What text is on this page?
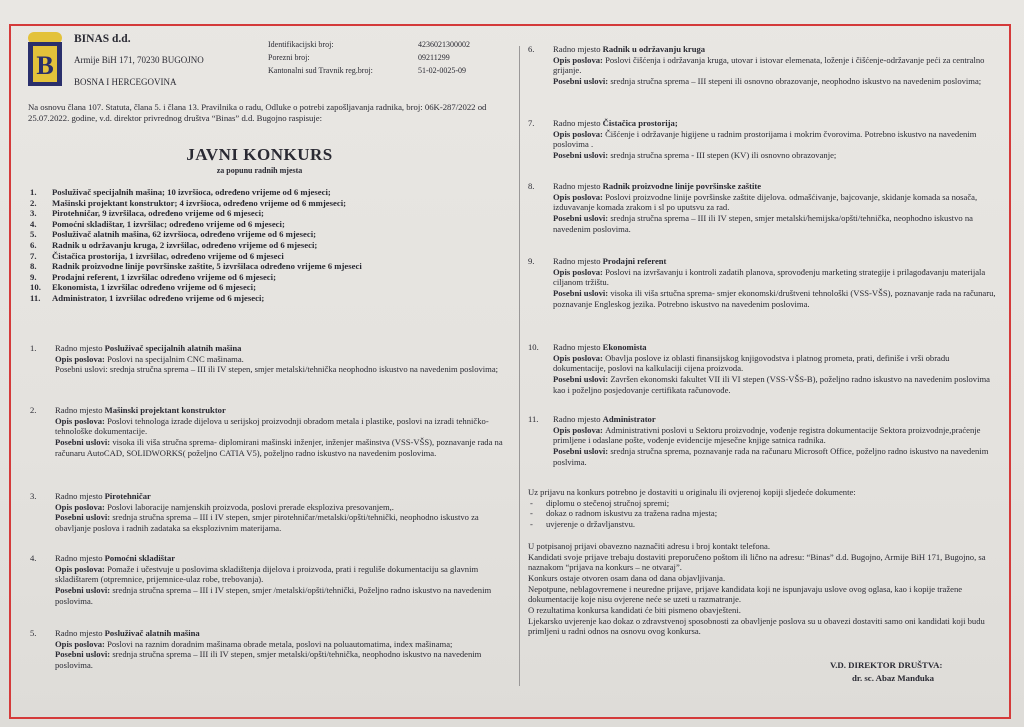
B
BINAS d.d.
Armije BiH 171, 70230 BUGOJNO
BOSNA I HERCEGOVINA
Identifikacijski broj:	4236021300002
Porezni broj:	09211299
Kantonalni sud Travnik reg.broj:	51-02-0025-09
Na osnovu člana 107. Statuta, člana 5. i člana 13. Pravilnika o radu, Odluke o potrebi zapošljavanja radnika, broj: 06K-287/2022 od 25.07.2022. godine, v.d. direktor privrednog društva “Binas” d.d. Bugojno raspisuje:
JAVNI KONKURS
za popunu radnih mjesta
1. Posluživač specijalnih mašina; 10 izvršioca, određeno vrijeme od 6 mjeseci;
2. Mašinski projektant konstruktor; 4 izvršioca, određeno vrijeme od 6 mmjeseci;
3. Pirotehničar, 9 izvršilaca, određeno vrijeme od 6 mjeseci;
4. Pomoćni skladištar, 1 izvršilac; određeno vrijeme od 6 mjeseci;
5. Posluživač alatnih mašina, 62 izvršioca, određeno vrijeme od 6 mjeseci;
6. Radnik u održavanju kruga, 2 izvršilac, određeno vrijeme od 6 mjeseci;
7. Čistačica prostorija, 1 izvršilac, određeno vrijeme od 6 mjeseci
8. Radnik proizvodne linije površinske zaštite, 5 izvršilaca određeno vrijeme 6 mjeseci
9. Prodajni referent, 1 izvršilac određeno vrijeme od 6 mjeseci;
10. Ekonomista, 1 izvršilac određeno vrijeme od 6 mjeseci;
11. Administrator, 1 izvršilac određeno vrijeme od 6 mjeseci;
1. Radno mjesto Posluživač specijalnih alatnih mašina
Opis poslova: Poslovi na specijalnim CNC mašinama.
Posebni uslovi: srednja stručna sprema – III ili IV stepen, smjer metalski/tehnička neophodno iskustvo na navedenim poslovima;
2. Radno mjesto Mašinski projektant konstruktor
Opis poslova: Poslovi tehnologa izrade dijelova u serijskoj proizvodnji obradom metala i plastike, poslovi na izradi tehničko-tehnološke dokumentacije.
Posebni uslovi: visoka ili viša stručna sprema- diplomirani mašinski inženjer, inženjer mašinstva (VSS-VŠS), poznavanje rada na računaru AutoCAD, SOLIDWORKS( poželjno CATIA V5), poželjno radno iskustvo na navedenim poslovima.
3. Radno mjesto Pirotehničar
Opis poslova: Poslovi laboracije namjenskih proizvoda, poslovi prerade eksploziva presovanjem,.
Posebni uslovi: srednja stručna sprema – III i IV stepen, smjer pirotehničar/metalski/opšti/tehnički, neophodno iskustvo za obavljanje poslova i radnih zadataka sa eksplozivnim materijama.
4. Radno mjesto Pomoćni skladištar
Opis poslova: Pomaže i učestvuje u poslovima skladištenja dijelova i proizvoda, prati i reguliše dokumentaciju sa glavnim skladištarem (otpremnice, prijemnice-ulaz robe, trebovanja).
Posebni uslovi: srednja stručna sprema – III i IV stepen, smjer /metalski/opšti/tehnički, Poželjno radno iskustvo na navedenim poslovima.
5. Radno mjesto Posluživač alatnih mašina
Opis poslova: Poslovi na raznim doradnim mašinama obrade metala, poslovi na poluautomatima, index mašinama;
Posebni uslovi: srednja stručna sprema – III ili IV stepen, smjer metalski/opšti/tehnička, neophodno iskustvo na navedenim poslovima.
6. Radno mjesto Radnik u održavanju kruga
Opis poslova: Poslovi čišćenja i održavanja kruga, utovar i istovar elemenata, loženje i čišćenje-održavanje peći za centralno grijanje.
Posebni uslovi: srednja stručna sprema – III stepeni ili osnovno obrazovanje, neophodno iskustvo na navedenim poslovima;
7. Radno mjesto Čistačica prostorija;
Opis poslova: Čišćenje i održavanje higijene u radnim prostorijama i mokrim čvorovima. Potrebno iskustvo na navedenim poslovima .
Posebni uslovi: srednja stručna sprema - III stepen (KV) ili osnovno obrazovanje;
8. Radno mjesto Radnik proizvodne linije površinske zaštite
Opis poslova: Poslovi proizvodne linije površinske zaštite dijelova. odmašćivanje, bajcovanje, skidanje komada sa nosača, izduvavanje komada zrakom i sl po uputsvu za rad.
Posebni uslovi: srednja stručna sprema – III ili IV stepen, smjer metalski/hemijska/opšti/tehnička, neophodno iskustvo na navedenim poslovima.
9. Radno mjesto Prodajni referent
Opis poslova: Poslovi na izvršavanju i kontroli zadatih planova, sprovođenju marketing strategije i prilagođavanju materijala ciljanom tržištu.
Posebni uslovi: visoka ili viša srtučna sprema- smjer ekonomski/društveni tehnološki (VSS-VŠS), poznavanje rada na računaru, poznavanje Engleskog jezika. Potrebno iskustvo na navedenim poslovima.
10. Radno mjesto Ekonomista
Opis poslova: Obavlja poslove iz oblasti finansijskog knjigovodstva i platnog prometa, prati, definiše i vrši obradu dokumentacije, poslovi na kalkulaciji cijena proizvoda.
Posebni uslovi: Završen ekonomski fakultet VII ili VI stepen (VSS-VŠS-B), poželjno radno iskustvo na navedenim poslovima kao i poželjno posjedovanje certifikata računovođe.
11. Radno mjesto Administrator
Opis poslova: Administrativni poslovi u Sektoru proizvodnje, vođenje registra dokumentacije Sektora proizvodnje,praćenje primljene i odaslane pošte, vođenje evidencije mjesečne knjige satnica radnika.
Posebni uslovi: srednja stručna sprema, poznavanje rada na računaru Microsoft Office, poželjno radno iskustvo na navedenim poslvima.
Uz prijavu na konkurs potrebno je dostaviti u originalu ili ovjerenoj kopiji sljedeće dokumente:
- diplomu o stečenoj stručnoj spremi;
- dokaz o radnom iskustvu za tražena radna mjesta;
- uvjerenje o državljanstvu.
U potpisanoj prijavi obavezno naznačiti adresu i broj kontakt telefona.
Kandidati svoje prijave trebaju dostaviti preporučeno poštom ili lično na adresu: “Binas” d.d. Bugojno, Armije BiH 171, Bugojno, sa naznakom “prijava na konkurs – ne otvaraj”.
Konkurs ostaje otvoren osam dana od dana objavljivanja.
Nepotpune, neblagovremene i neuredne prijave, prijave kandidata koji ne ispunjavaju uslove ovog oglasa, kao i kopije tražene dokumentacije koje nisu ovjerene neće se uzeti u razmatranje.
O rezultatima konkursa kandidati će biti pismeno obavješteni.
Ljekarsko uvjerenje kao dokaz o zdravstvenoj sposobnosti za obavljenje poslova su u obavezi dostaviti samo oni kandidati koji budu primljeni u radni odnos na osnovu ovog konkursa.
V.D. DIREKTOR DRUŠTVA:
dr. sc. Abaz Manđuka
